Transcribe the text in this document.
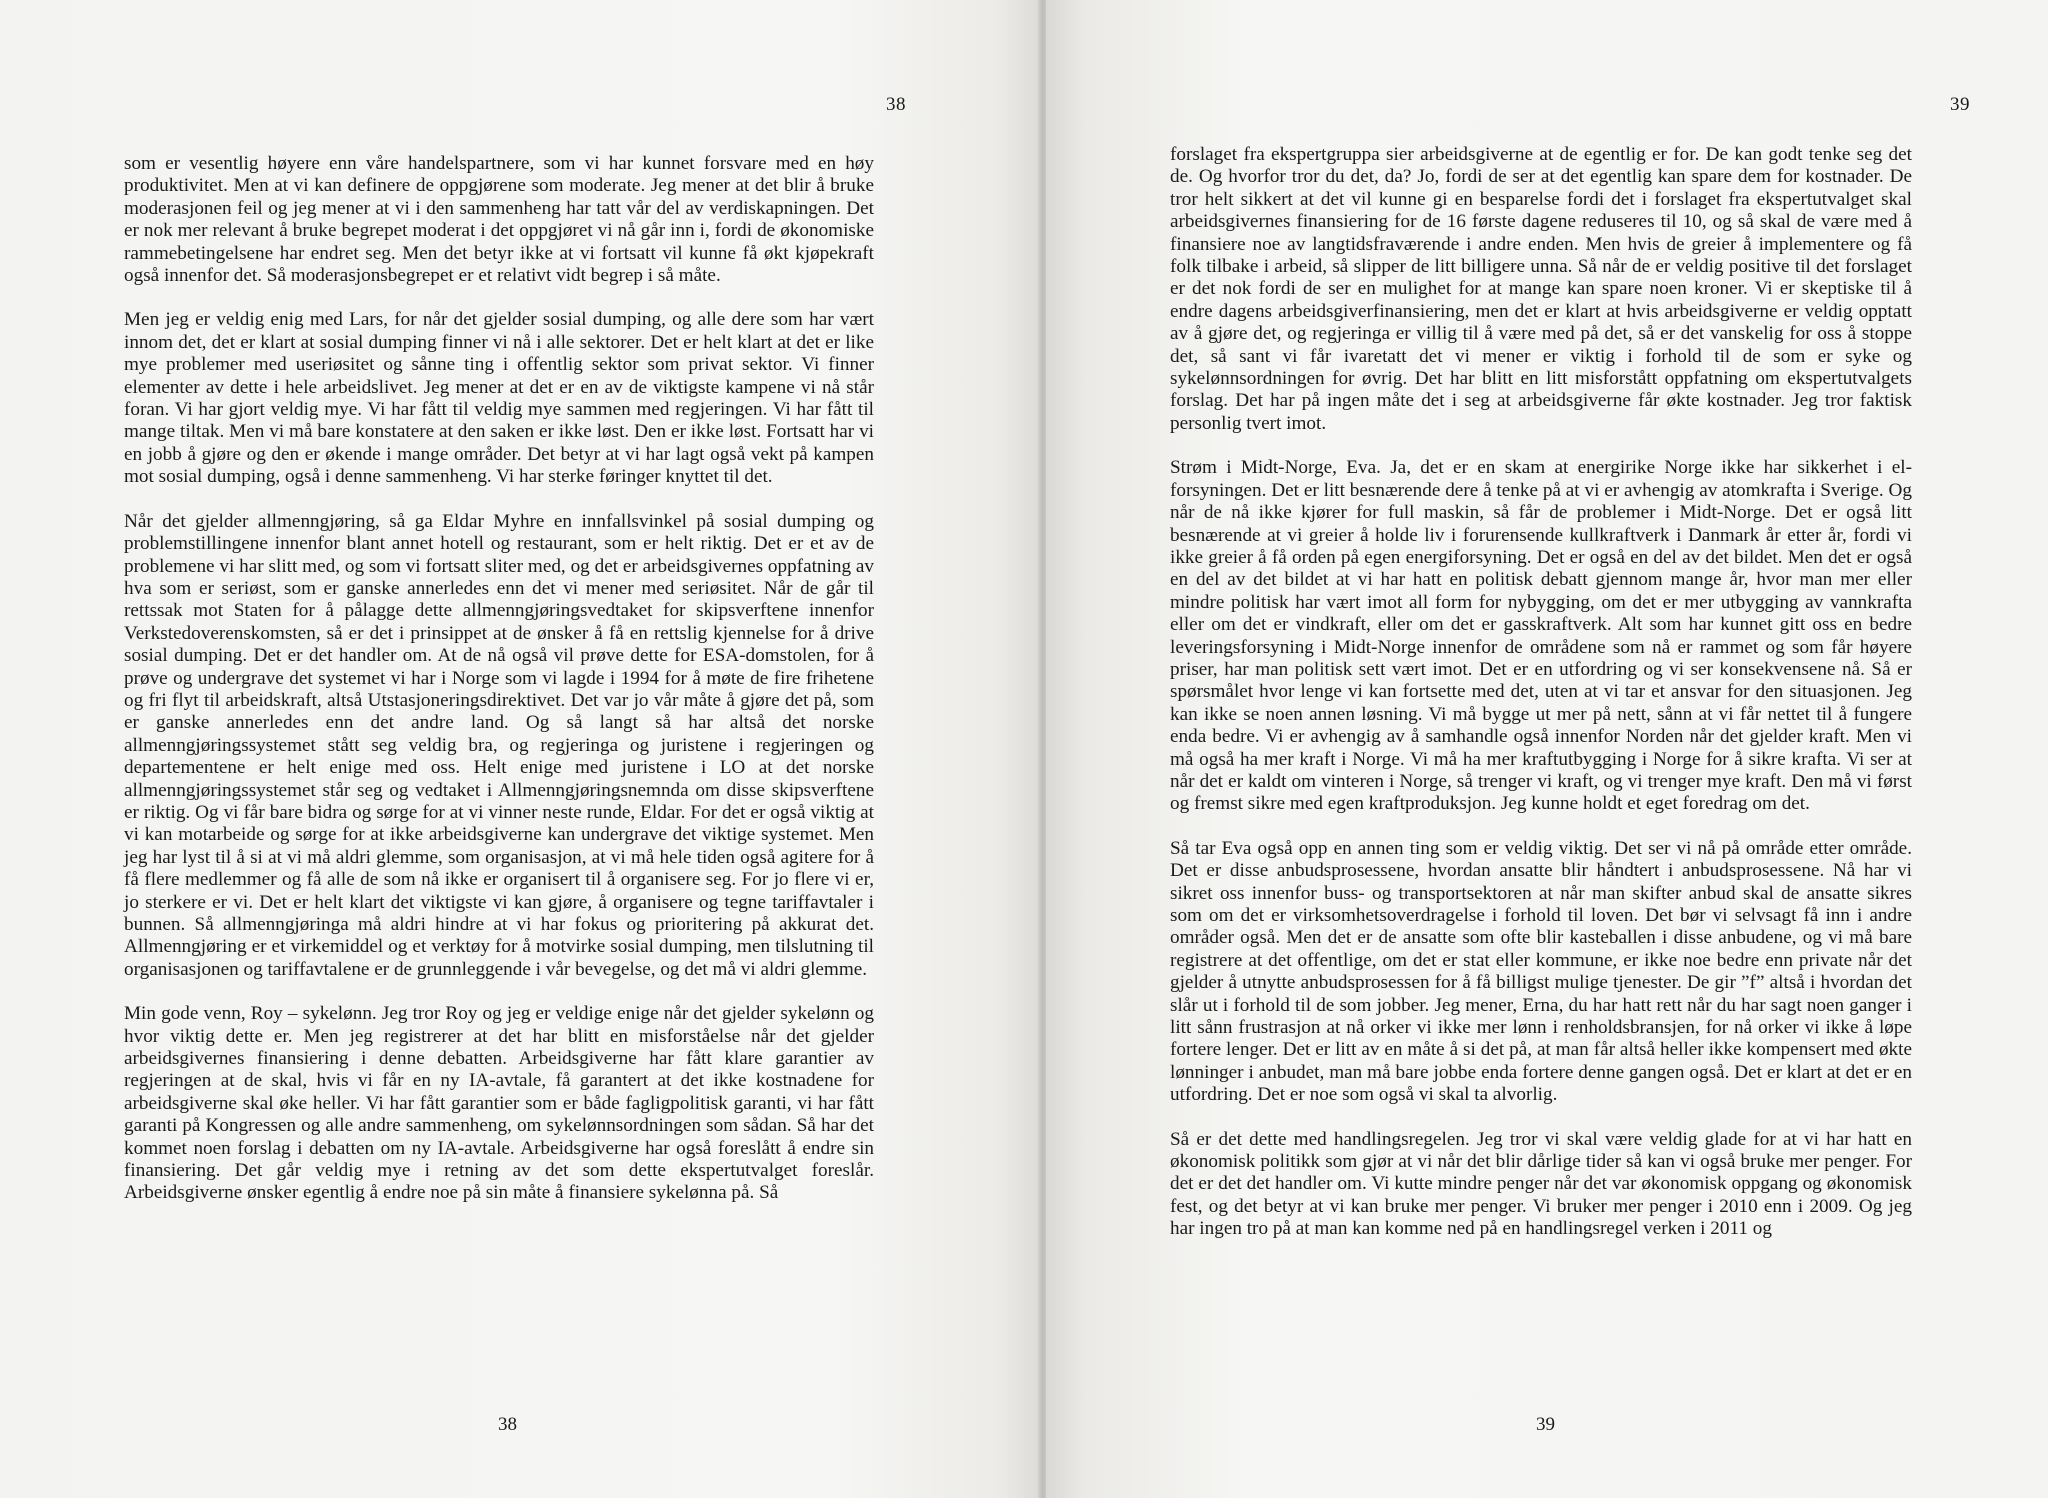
38

som er vesentlig høyere enn våre handelspartnere, som vi har kunnet forsvare med en høy produktivitet. Men at vi kan definere de oppgjørene som moderate. Jeg mener at det blir å bruke moderasjonen feil og jeg mener at vi i den sammenheng har tatt vår del av verdiskapningen. Det er nok mer relevant å bruke begrepet moderat i det oppgjøret vi nå går inn i, fordi de økonomiske rammebetingelsene har endret seg. Men det betyr ikke at vi fortsatt vil kunne få økt kjøpekraft også innenfor det. Så moderasjonsbegrepet er et relativt vidt begrep i så måte.

Men jeg er veldig enig med Lars, for når det gjelder sosial dumping, og alle dere som har vært innom det, det er klart at sosial dumping finner vi nå i alle sektorer. Det er helt klart at det er like mye problemer med useriøsitet og sånne ting i offentlig sektor som privat sektor. Vi finner elementer av dette i hele arbeidslivet. Jeg mener at det er en av de viktigste kampene vi nå står foran. Vi har gjort veldig mye. Vi har fått til veldig mye sammen med regjeringen. Vi har fått til mange tiltak. Men vi må bare konstatere at den saken er ikke løst. Den er ikke løst. Fortsatt har vi en jobb å gjøre og den er økende i mange områder. Det betyr at vi har lagt også vekt på kampen mot sosial dumping, også i denne sammenheng. Vi har sterke føringer knyttet til det.

Når det gjelder allmenngjøring, så ga Eldar Myhre en innfallsvinkel på sosial dumping og problemstillingene innenfor blant annet hotell og restaurant, som er helt riktig. Det er et av de problemene vi har slitt med, og som vi fortsatt sliter med, og det er arbeidsgivernes oppfatning av hva som er seriøst, som er ganske annerledes enn det vi mener med seriøsitet. Når de går til rettssak mot Staten for å pålagge dette allmenngjøringsvedtaket for skipsverftene innenfor Verkstedoverenskomsten, så er det i prinsippet at de ønsker å få en rettslig kjennelse for å drive sosial dumping. Det er det handler om. At de nå også vil prøve dette for ESA-domstolen, for å prøve og undergrave det systemet vi har i Norge som vi lagde i 1994 for å møte de fire frihetene og fri flyt til arbeidskraft, altså Utstasjoneringsdirektivet. Det var jo vår måte å gjøre det på, som er ganske annerledes enn det andre land. Og så langt så har altså det norske allmenngjøringssystemet stått seg veldig bra, og regjeringa og juristene i regjeringen og departementene er helt enige med oss. Helt enige med juristene i LO at det norske allmenngjøringssystemet står seg og vedtaket i Allmenngjøringsnemnda om disse skipsverftene er riktig. Og vi får bare bidra og sørge for at vi vinner neste runde, Eldar. For det er også viktig at vi kan motarbeide og sørge for at ikke arbeidsgiverne kan undergrave det viktige systemet. Men jeg har lyst til å si at vi må aldri glemme, som organisasjon, at vi må hele tiden også agitere for å få flere medlemmer og få alle de som nå ikke er organisert til å organisere seg. For jo flere vi er, jo sterkere er vi. Det er helt klart det viktigste vi kan gjøre, å organisere og tegne tariffavtaler i bunnen. Så allmenngjøringa må aldri hindre at vi har fokus og prioritering på akkurat det. Allmenngjøring er et virkemiddel og et verktøy for å motvirke sosial dumping, men tilslutning til organisasjonen og tariffavtalene er de grunnleggende i vår bevegelse, og det må vi aldri glemme.

Min gode venn, Roy – sykelønn. Jeg tror Roy og jeg er veldige enige når det gjelder sykelønn og hvor viktig dette er. Men jeg registrerer at det har blitt en misforståelse når det gjelder arbeidsgivernes finansiering i denne debatten. Arbeidsgiverne har fått klare garantier av regjeringen at de skal, hvis vi får en ny IA-avtale, få garantert at det ikke kostnadene for arbeidsgiverne skal øke heller. Vi har fått garantier som er både fagligpolitisk garanti, vi har fått garanti på Kongressen og alle andre sammenheng, om sykelønnsordningen som sådan. Så har det kommet noen forslag i debatten om ny IA-avtale. Arbeidsgiverne har også foreslått å endre sin finansiering. Det går veldig mye i retning av det som dette ekspertutvalget foreslår. Arbeidsgiverne ønsker egentlig å endre noe på sin måte å finansiere sykelønna på. Så

38
39

forslaget fra ekspertgruppa sier arbeidsgiverne at de egentlig er for. De kan godt tenke seg det de. Og hvorfor tror du det, da? Jo, fordi de ser at det egentlig kan spare dem for kostnader. De tror helt sikkert at det vil kunne gi en besparelse fordi det i forslaget fra ekspertutvalget skal arbeidsgivernes finansiering for de 16 første dagene reduseres til 10, og så skal de være med å finansiere noe av langtidsfraværende i andre enden. Men hvis de greier å implementere og få folk tilbake i arbeid, så slipper de litt billigere unna. Så når de er veldig positive til det forslaget er det nok fordi de ser en mulighet for at mange kan spare noen kroner. Vi er skeptiske til å endre dagens arbeidsgiverfinansiering, men det er klart at hvis arbeidsgiverne er veldig opptatt av å gjøre det, og regjeringa er villig til å være med på det, så er det vanskelig for oss å stoppe det, så sant vi får ivaretatt det vi mener er viktig i forhold til de som er syke og sykelønnsordningen for øvrig. Det har blitt en litt misforstått oppfatning om ekspertutvalgets forslag. Det har på ingen måte det i seg at arbeidsgiverne får økte kostnader. Jeg tror faktisk personlig tvert imot.

Strøm i Midt-Norge, Eva. Ja, det er en skam at energirike Norge ikke har sikkerhet i el-forsyningen. Det er litt besnærende dere å tenke på at vi er avhengig av atomkrafta i Sverige. Og når de nå ikke kjører for full maskin, så får de problemer i Midt-Norge. Det er også litt besnærende at vi greier å holde liv i forurensende kullkraftverk i Danmark år etter år, fordi vi ikke greier å få orden på egen energiforsyning. Det er også en del av det bildet. Men det er også en del av det bildet at vi har hatt en politisk debatt gjennom mange år, hvor man mer eller mindre politisk har vært imot all form for nybygging, om det er mer utbygging av vannkrafta eller om det er vindkraft, eller om det er gasskraftverk. Alt som har kunnet gitt oss en bedre leveringsforsyning i Midt-Norge innenfor de områdene som nå er rammet og som får høyere priser, har man politisk sett vært imot. Det er en utfordring og vi ser konsekvensene nå. Så er spørsmålet hvor lenge vi kan fortsette med det, uten at vi tar et ansvar for den situasjonen. Jeg kan ikke se noen annen løsning. Vi må bygge ut mer på nett, sånn at vi får nettet til å fungere enda bedre. Vi er avhengig av å samhandle også innenfor Norden når det gjelder kraft. Men vi må også ha mer kraft i Norge. Vi må ha mer kraftutbygging i Norge for å sikre krafta. Vi ser at når det er kaldt om vinteren i Norge, så trenger vi kraft, og vi trenger mye kraft. Den må vi først og fremst sikre med egen kraftproduksjon. Jeg kunne holdt et eget foredrag om det.

Så tar Eva også opp en annen ting som er veldig viktig. Det ser vi nå på område etter område. Det er disse anbudsprosessene, hvordan ansatte blir håndtert i anbudsprosessene. Nå har vi sikret oss innenfor buss- og transportsektoren at når man skifter anbud skal de ansatte sikres som om det er virksomhetsoverdragelse i forhold til loven. Det bør vi selvsagt få inn i andre områder også. Men det er de ansatte som ofte blir kasteballen i disse anbudene, og vi må bare registrere at det offentlige, om det er stat eller kommune, er ikke noe bedre enn private når det gjelder å utnytte anbudsprosessen for å få billigst mulige tjenester. De gir ”f” altså i hvordan det slår ut i forhold til de som jobber. Jeg mener, Erna, du har hatt rett når du har sagt noen ganger i litt sånn frustrasjon at nå orker vi ikke mer lønn i renholdsbransjen, for nå orker vi ikke å løpe fortere lenger. Det er litt av en måte å si det på, at man får altså heller ikke kompensert med økte lønninger i anbudet, man må bare jobbe enda fortere denne gangen også. Det er klart at det er en utfordring. Det er noe som også vi skal ta alvorlig.

Så er det dette med handlingsregelen. Jeg tror vi skal være veldig glade for at vi har hatt en økonomisk politikk som gjør at vi når det blir dårlige tider så kan vi også bruke mer penger. For det er det det handler om. Vi kutte mindre penger når det var økonomisk oppgang og økonomisk fest, og det betyr at vi kan bruke mer penger. Vi bruker mer penger i 2010 enn i 2009. Og jeg har ingen tro på at man kan komme ned på en handlingsregel verken i 2011 og

39
